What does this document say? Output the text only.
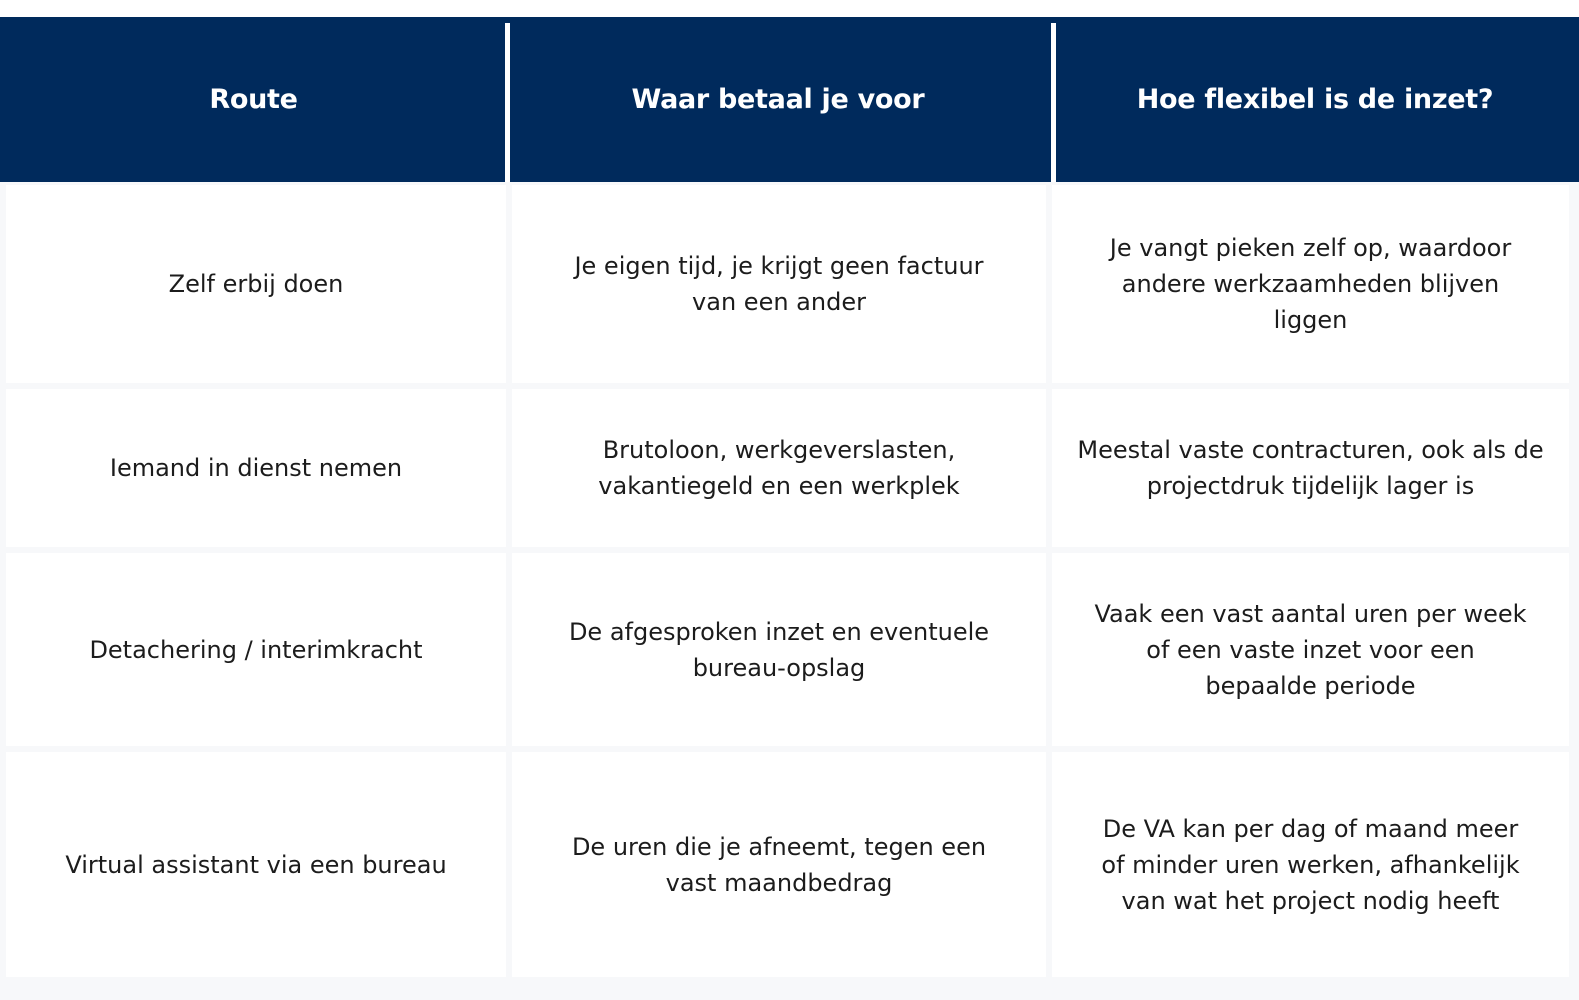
Route	Waar betaal je voor	Hoe flexibel is de inzet?
Zelf erbij doen
Je eigen tijd, je krijgt geen factuur van een ander
Je vangt pieken zelf op, waardoor andere werkzaamheden blijven liggen
Iemand in dienst nemen
Brutoloon, werkgeverslasten, vakantiegeld en een werkplek
Meestal vaste contracturen, ook als de projectdruk tijdelijk lager is
Detachering / interimkracht
De afgesproken inzet en eventuele bureau-opslag
Vaak een vast aantal uren per week of een vaste inzet voor een bepaalde periode
Virtual assistant via een bureau
De uren die je afneemt, tegen een vast maandbedrag
De VA kan per dag of maand meer of minder uren werken, afhankelijk van wat het project nodig heeft
